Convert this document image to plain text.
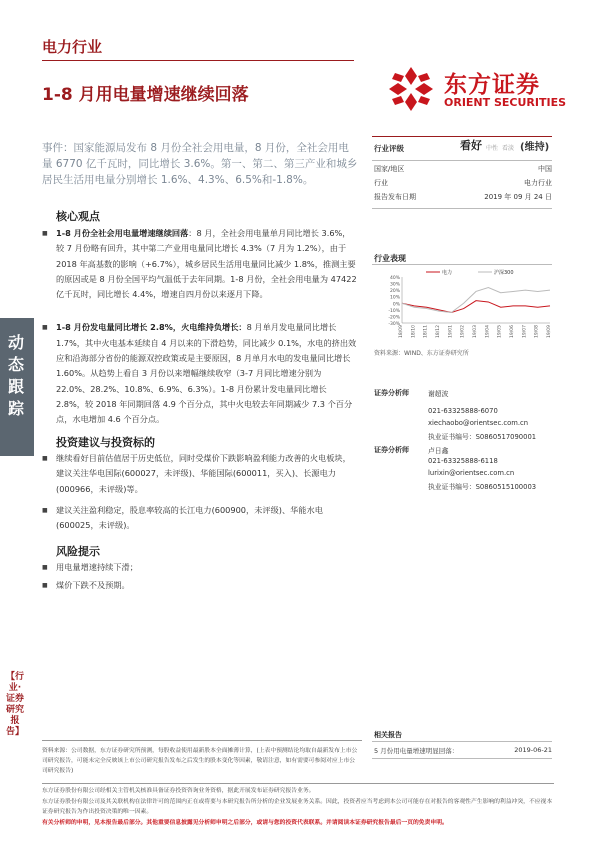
电力行业
1-8 月用电量增速继续回落	东方证券
ORIENT SECURITIES
事件：国家能源局发布 8 月份全社会用电量，8 月份，全社会用电量 6770 亿千瓦时，同比增长 3.6%。第一、第二、第三产业和城乡居民生活用电量分别增长 1.6%、4.3%、6.5%和-1.8%。
核心观点
■ 1-8 月份全社会用电量增速继续回落：8 月，全社会用电量单月同比增长 3.6%，较 7 月份略有回升，其中第二产业用电量同比增长 4.3%（7 月为 1.2%），由于 2018 年高基数的影响（+6.7%），城乡居民生活用电量同比减少 1.8%，推测主要的原因或是 8 月份全国平均气温低于去年同期。1-8 月份，全社会用电量为 47422 亿千瓦时，同比增长 4.4%，增速自四月份以来逐月下降。
■ 1-8 月份发电量同比增长 2.8%，火电维持负增长：8 月单月发电量同比增长 1.7%，其中火电基本延续自 4 月以来的下滑趋势，同比减少 0.1%，水电的挤出效应和沿海部分省份的能源双控政策或是主要原因，8 月单月水电的发电量同比增长 1.60%。从趋势上看自 3 月份以来增幅继续收窄（3-7 月同比增速分别为 22.0%、28.2%、10.8%、6.9%、6.3%）。1-8 月份累计发电量同比增长 2.8%，较 2018 年同期回落 4.9 个百分点，其中火电较去年同期减少 7.3 个百分点，水电增加 4.6 个百分点。
投资建议与投资标的
■ 继续看好目前估值居于历史低位，同时受煤价下跌影响盈利能力改善的火电板块，建议关注华电国际(600027，未评级)、华能国际(600011，买入)、长源电力(000966，未评级)等。
■ 建议关注盈利稳定，股息率较高的长江电力(600900，未评级)、华能水电(600025，未评级)。
风险提示
■ 用电量增速持续下滑；
■ 煤价下跌不及预期。
行业评级	看好 中性 看淡 (维持)
国家/地区	中国
行业	电力行业
报告发布日期	2019 年 09 月 24 日
行业表现
40%
30%
20%
10%
0%
-10%
-20%
-30%
18/09 18/10 18/11 18/12 19/01 19/02 19/03 19/04 19/05 19/06 19/07 19/08 19/09
电力	沪深300
资料来源：WIND、东方证券研究所
证券分析师	谢超波
021-63325888-6070
xiechaobo@orientsec.com.cn
执业证书编号：S0860517090001
证券分析师	卢日鑫
021-63325888-6118
lurixin@orientsec.com.cn
执业证书编号：S0860515100003
相关报告
5 月份用电量增速明显回落：	2019-06-21
动态跟踪
【行业·证券研究报告】
资料来源：公司数据，东方证券研究所预测，每股收益使用最新股本全面摊薄计算，(上表中预测结论均取自最新发布上市公司研究报告，可能未完全反映该上市公司研究报告发布之后发生的股本变化等因素，敬请注意，如有需要可参阅对应上市公司研究报告)
东方证券股份有限公司经相关主管机关核准具备证券投资咨询业务资格，据此开展发布证券研究报告业务。
东方证券股份有限公司及其关联机构在法律许可的范围内正在或将要与本研究报告所分析的企业发展业务关系。因此，投资者应当考虑到本公司可能存在对报告的客观性产生影响的利益冲突，不应视本证券研究报告为作出投资决策的唯一因素。
有关分析师的申明，见本报告最后部分。其他重要信息披露见分析师申明之后部分，或请与您的投资代表联系。并请阅读本证券研究报告最后一页的免责申明。
